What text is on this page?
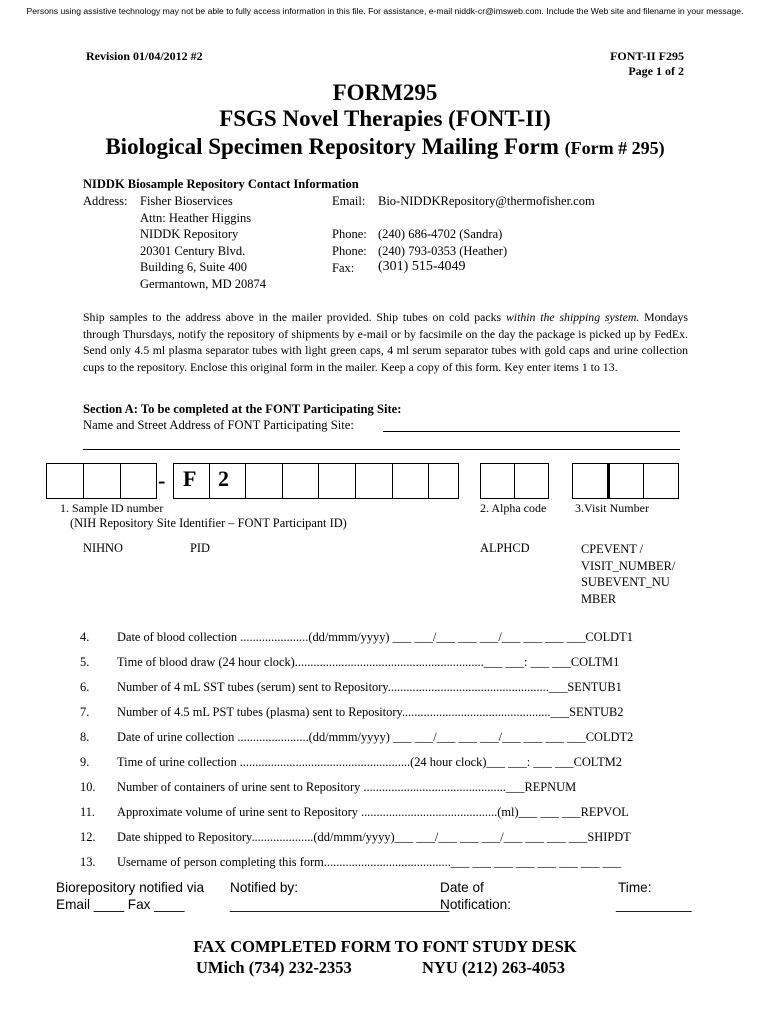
Persons using assistive technology may not be able to fully access information in this file. For assistance, e-mail niddk-cr@imsweb.com. Include the Web site and filename in your message.
Revision 01/04/2012 #2	FONT-II F295
Page 1 of 2
FORM295
FSGS Novel Therapies (FONT-II)
Biological Specimen Repository Mailing Form (Form # 295)
NIDDK Biosample Repository Contact Information
Address: Fisher Bioservices
Attn: Heather Higgins
NIDDK Repository
20301 Century Blvd.
Building 6, Suite 400
Germantown, MD 20874
Email: Bio-NIDDKRepository@thermofisher.com
Phone: (240) 686-4702 (Sandra)
Phone: (240) 793-0353 (Heather)
Fax: (301) 515-4049
Ship samples to the address above in the mailer provided. Ship tubes on cold packs within the shipping system. Mondays through Thursdays, notify the repository of shipments by e-mail or by facsimile on the day the package is picked up by FedEx. Send only 4.5 ml plasma separator tubes with light green caps, 4 ml serum separator tubes with gold caps and urine collection cups to the repository. Enclose this original form in the mailer. Keep a copy of this form. Key enter items 1 to 13.
Section A: To be completed at the FONT Participating Site:
Name and Street Address of FONT Participating Site:
- F 2
1. Sample ID number
(NIH Repository Site Identifier – FONT Participant ID)
2. Alpha code 3.Visit Number
NIHNO	PID	ALPHCD	CPEVENT /
VISIT_NUMBER/
SUBEVENT_NU
MBER
4.	Date of blood collection ......................(dd/mmm/yyyy) ___ ___/___ ___ ___/___ ___ ___ ___COLDT1
5.	Time of blood draw (24 hour clock).............................................................___ ___: ___ ___COLTM1
6.	Number of 4 mL SST tubes (serum) sent to Repository....................................................___SENTUB1
7.	Number of 4.5 mL PST tubes (plasma) sent to Repository................................................___SENTUB2
8.	Date of urine collection .......................(dd/mmm/yyyy) ___ ___/___ ___ ___/___ ___ ___ ___COLDT2
9.	Time of urine collection .......................................................(24 hour clock)___ ___: ___ ___COLTM2
10.	Number of containers of urine sent to Repository ..............................................___REPNUM
11.	Approximate volume of urine sent to Repository ............................................(ml)___ ___ ___REPVOL
12.	Date shipped to Repository....................(dd/mmm/yyyy)___ ___/___ ___ ___/___ ___ ___ ___SHIPDT
13.	Username of person completing this form.........................................___ ___ ___ ___ ___ ___ ___ ___
Biorepository notified via
Email ____ Fax ____
Notified by:
_____________________________
Date of
Notification:
Time:
__________
FAX COMPLETED FORM TO FONT STUDY DESK
UMich (734) 232-2353	NYU (212) 263-4053
